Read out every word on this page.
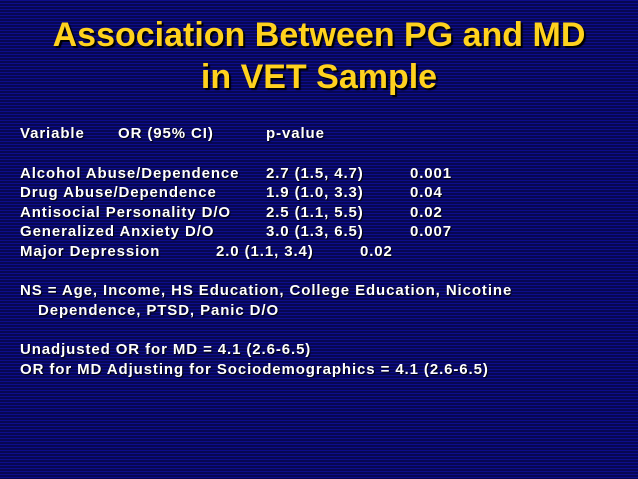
Association Between PG and MD
in VET Sample
Variable OR (95% CI)	p-value
Alcohol Abuse/Dependence 2.7 (1.5, 4.7)	0.001
Drug Abuse/Dependence	1.9 (1.0, 3.3)	0.04
Antisocial Personality D/O 2.5 (1.1, 5.5)	0.02
Generalized Anxiety D/O	3.0 (1.3, 6.5)	0.007
Major Depression	2.0 (1.1, 3.4)	0.02
NS = Age, Income, HS Education, College Education, Nicotine
Dependence, PTSD, Panic D/O
Unadjusted OR for MD = 4.1 (2.6-6.5)
OR for MD Adjusting for Sociodemographics = 4.1 (2.6-6.5)
